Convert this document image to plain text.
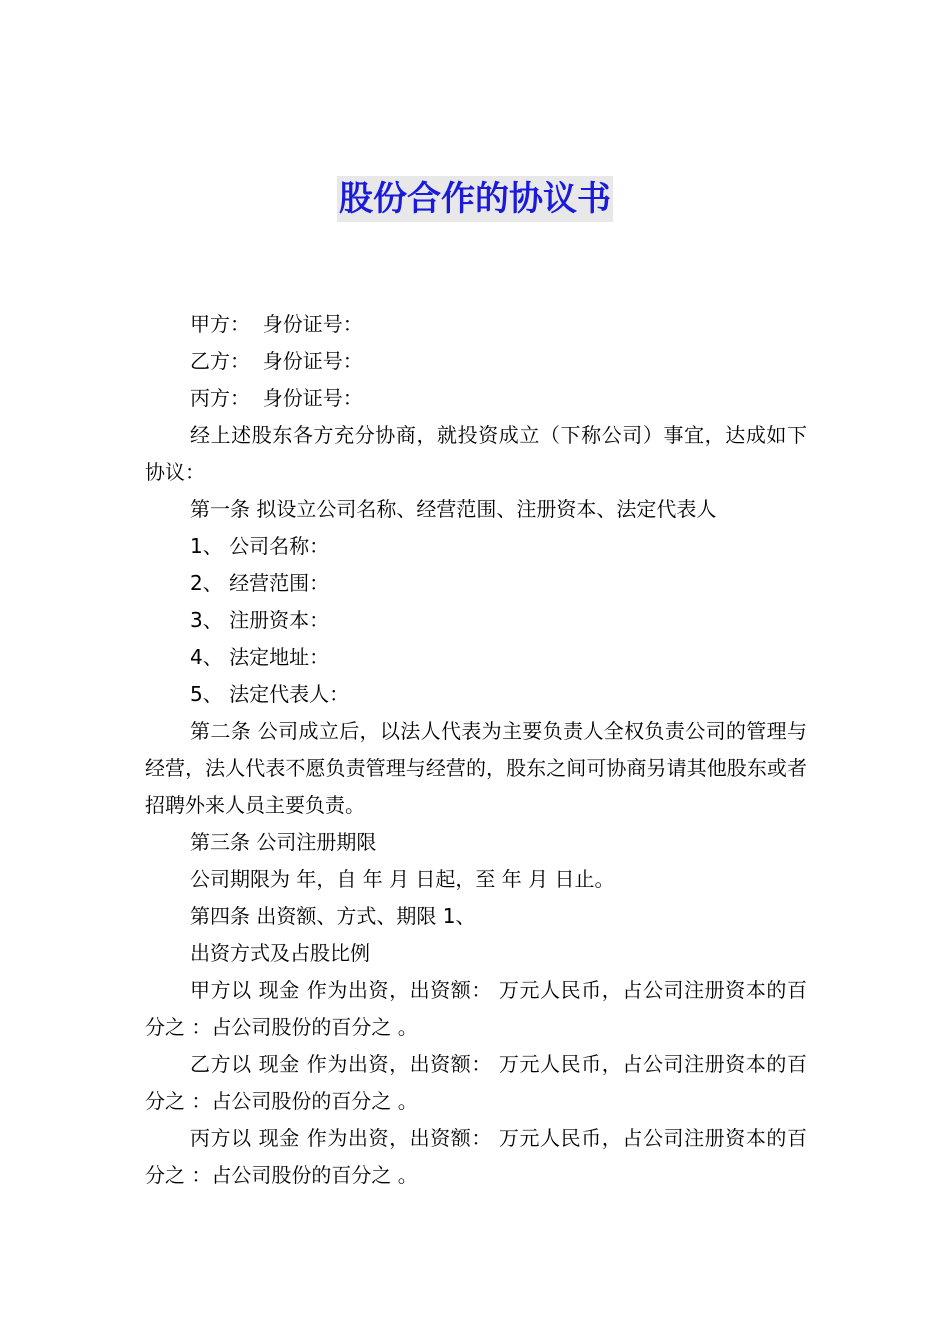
股份合作的协议书

甲方：  身份证号：

乙方：  身份证号：

丙方：  身份证号：

经上述股东各方充分协商，就投资成立（下称公司）事宜，达成如下协议：

第一条 拟设立公司名称、经营范围、注册资本、法定代表人

1、 公司名称：

2、 经营范围：

3、 注册资本：

4、 法定地址：

5、 法定代表人：

第二条 公司成立后，以法人代表为主要负责人全权负责公司的管理与经营，法人代表不愿负责管理与经营的，股东之间可协商另请其他股东或者招聘外来人员主要负责。

第三条 公司注册期限

公司期限为 年，自 年 月 日起，至 年 月 日止。

第四条 出资额、方式、期限 1、

出资方式及占股比例

甲方以 现金 作为出资，出资额： 万元人民币，占公司注册资本的百分之 ：占公司股份的百分之 。

乙方以 现金 作为出资，出资额： 万元人民币，占公司注册资本的百分之 ：占公司股份的百分之 。

丙方以 现金 作为出资，出资额： 万元人民币，占公司注册资本的百分之 ：占公司股份的百分之 。
